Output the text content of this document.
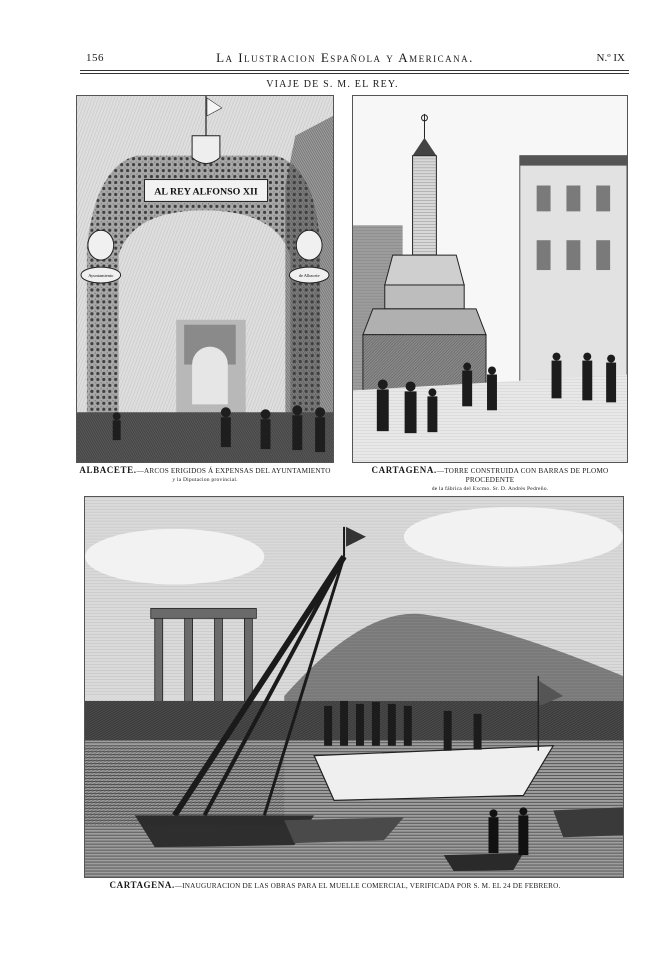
156	La Ilustracion Española y Americana.	N.º IX
VIAJE DE S. M. EL REY.
AL REY ALFONSO XII
Ayuntamiento	de Albacete
ALBACETE.—ARCOS ERIGIDOS Á EXPENSAS DEL AYUNTAMIENTO
y la Diputacion provincial.
CARTAGENA.—TORRE CONSTRUIDA CON BARRAS DE PLOMO PROCEDENTE
de la fábrica del Excmo. Sr. D. Andrés Pedreño.
CARTAGENA.—INAUGURACION DE LAS OBRAS PARA EL MUELLE COMERCIAL, VERIFICADA POR S. M. EL 24 DE FEBRERO.
